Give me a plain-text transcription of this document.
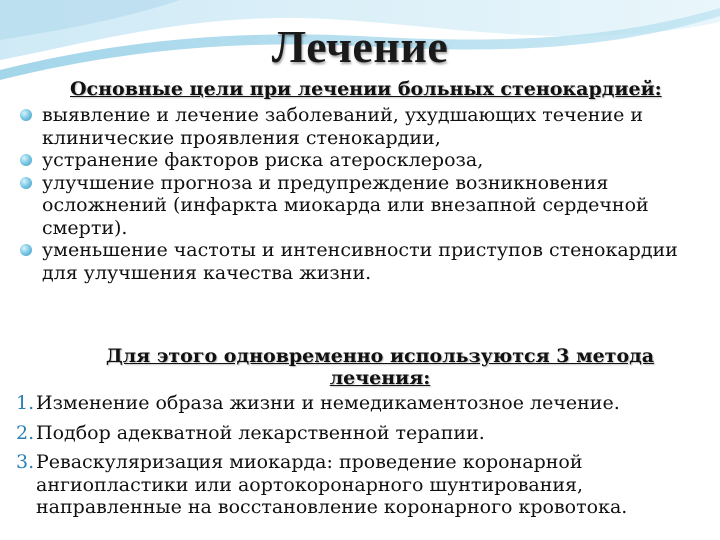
Лечение
Основные цели при лечении больных стенокардией:
выявление и лечение заболеваний, ухудшающих течение и клинические проявления стенокардии,
устранение факторов риска атеросклероза,
улучшение прогноза и предупреждение возникновения осложнений (инфаркта миокарда или внезапной сердечной смерти).
уменьшение частоты и интенсивности приступов стенокардии для улучшения качества жизни.
Для этого одновременно используются 3 метода лечения:
1. Изменение образа жизни и немедикаментозное лечение.
2. Подбор адекватной лекарственной терапии.
3. Реваскуляризация миокарда: проведение коронарной ангиопластики или аортокоронарного шунтирования, направленные на восстановление коронарного кровотока.
